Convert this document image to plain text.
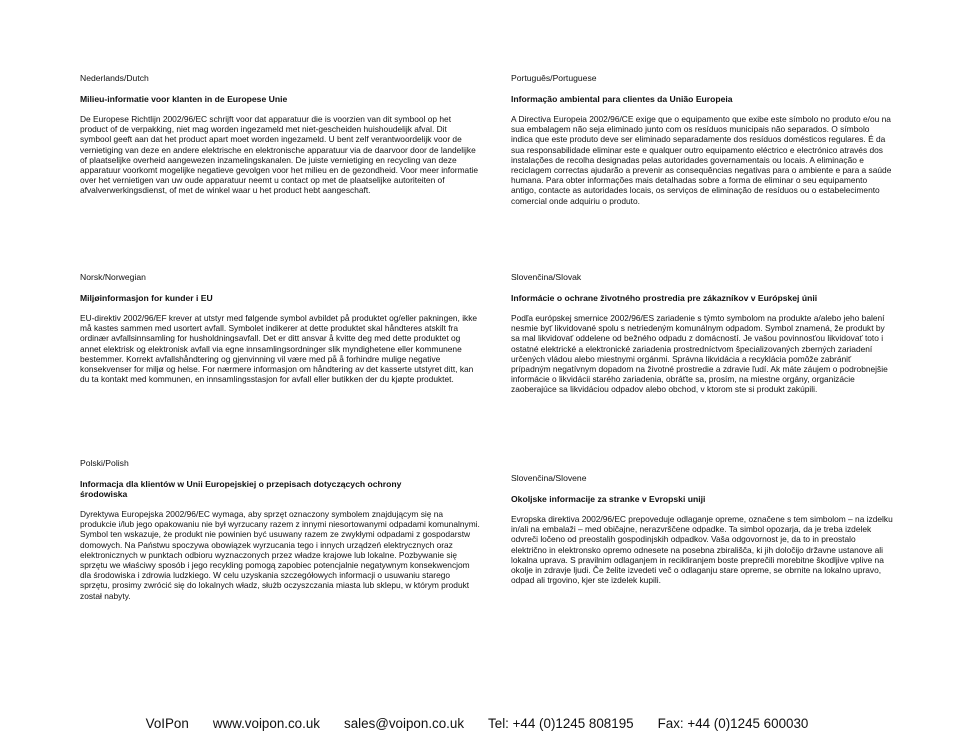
Nederlands/Dutch

Milieu-informatie voor klanten in de Europese Unie

De Europese Richtlijn 2002/96/EC schrijft voor dat apparatuur die is voorzien van dit symbool op het product of de verpakking, niet mag worden ingezameld met niet-gescheiden huishoudelijk afval. Dit symbool geeft aan dat het product apart moet worden ingezameld. U bent zelf verantwoordelijk voor de vernietiging van deze en andere elektrische en elektronische apparatuur via de daarvoor door de landelijke of plaatselijke overheid aangewezen inzamelingskanalen. De juiste vernietiging en recycling van deze apparatuur voorkomt mogelijke negatieve gevolgen voor het milieu en de gezondheid. Voor meer informatie over het vernietigen van uw oude apparatuur neemt u contact op met de plaatselijke autoriteiten of afvalverwerkingsdienst, of met de winkel waar u het product hebt aangeschaft.

Norsk/Norwegian

Miljøinformasjon for kunder i EU

EU-direktiv 2002/96/EF krever at utstyr med følgende symbol avbildet på produktet og/eller pakningen, ikke må kastes sammen med usortert avfall. Symbolet indikerer at dette produktet skal håndteres atskilt fra ordinær avfallsinnsamling for husholdningsavfall. Det er ditt ansvar å kvitte deg med dette produktet og annet elektrisk og elektronisk avfall via egne innsamlingsordninger slik myndighetene eller kommunene bestemmer. Korrekt avfallshåndtering og gjenvinning vil være med på å forhindre mulige negative konsekvenser for miljø og helse. For nærmere informasjon om håndtering av det kasserte utstyret ditt, kan du ta kontakt med kommunen, en innsamlingsstasjon for avfall eller butikken der du kjøpte produktet.

Polski/Polish

Informacja dla klientów w Unii Europejskiej o przepisach dotyczących ochrony środowiska

Dyrektywa Europejska 2002/96/EC wymaga, aby sprzęt oznaczony symbolem znajdującym się na produkcie i/lub jego opakowaniu nie był wyrzucany razem z innymi niesortowanymi odpadami komunalnymi. Symbol ten wskazuje, że produkt nie powinien być usuwany razem ze zwykłymi odpadami z gospodarstw domowych. Na Państwu spoczywa obowiązek wyrzucania tego i innych urządzeń elektrycznych oraz elektronicznych w punktach odbioru wyznaczonych przez władze krajowe lub lokalne. Pozbywanie się sprzętu we właściwy sposób i jego recykling pomogą zapobiec potencjalnie negatywnym konsekwencjom dla środowiska i zdrowia ludzkiego. W celu uzyskania szczegółowych informacji o usuwaniu starego sprzętu, prosimy zwrócić się do lokalnych władz, służb oczyszczania miasta lub sklepu, w którym produkt został nabyty.

Português/Portuguese

Informação ambiental para clientes da União Europeia

A Directiva Europeia 2002/96/CE exige que o equipamento que exibe este símbolo no produto e/ou na sua embalagem não seja eliminado junto com os resíduos municipais não separados. O símbolo indica que este produto deve ser eliminado separadamente dos resíduos domésticos regulares. É da sua responsabilidade eliminar este e qualquer outro equipamento eléctrico e electrónico através dos instalações de recolha designadas pelas autoridades governamentais ou locais. A eliminação e reciclagem correctas ajudarão a prevenir as consequências negativas para o ambiente e para a saúde humana. Para obter informações mais detalhadas sobre a forma de eliminar o seu equipamento antigo, contacte as autoridades locais, os serviços de eliminação de resíduos ou o estabelecimento comercial onde adquiriu o produto.

Slovenčina/Slovak

Informácie o ochrane životného prostredia pre zákazníkov v Európskej únii

Podľa európskej smernice 2002/96/ES zariadenie s týmto symbolom na produkte a/alebo jeho balení nesmie byť likvidované spolu s netriedeným komunálnym odpadom. Symbol znamená, že produkt by sa mal likvidovať oddelene od bežného odpadu z domácností. Je vašou povinnosťou likvidovať toto i ostatné elektrické a elektronické zariadenia prostredníctvom špecializovaných zberných zariadení určených vládou alebo miestnymi orgánmi. Správna likvidácia a recyklácia pomôže zabrániť prípadným negatívnym dopadom na životné prostredie a zdravie ľudí. Ak máte záujem o podrobnejšie informácie o likvidácii starého zariadenia, obráťte sa, prosím, na miestne orgány, organizácie zaoberajúce sa likvidáciou odpadov alebo obchod, v ktorom ste si produkt zakúpili.

Slovenčina/Slovene

Okoljske informacije za stranke v Evropski uniji

Evropska direktiva 2002/96/EC prepoveduje odlaganje opreme, označene s tem simbolom – na izdelku in/ali na embalaži – med običajne, nerazvrščene odpadke. Ta simbol opozarja, da je treba izdelek odvreči ločeno od preostalih gospodinjskih odpadkov. Vaša odgovornost je, da to in preostalo električno in elektronsko opremo odnesete na posebna zbirališča, ki jih določijo državne ustanove ali lokalna uprava. S pravilnim odlaganjem in recikliranjem boste preprečili morebitne škodljive vplive na okolje in zdravje ljudi. Če želite izvedeti več o odlaganju stare opreme, se obrnite na lokalno upravo, odpad ali trgovino, kjer ste izdelek kupili.

VoIPon www.voipon.co.uk sales@voipon.co.uk Tel: +44 (0)1245 808195 Fax: +44 (0)1245 600030
